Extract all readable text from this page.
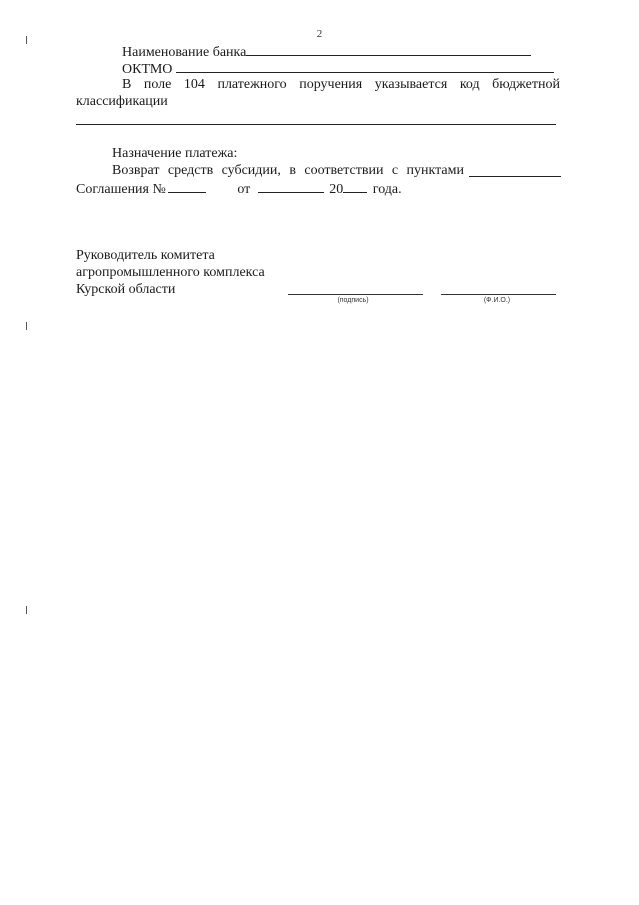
2
Наименование банка
ОКТМО
В поле 104 платежного поручения указывается код бюджетной
классификации
Назначение платежа:
Возврат средств субсидии, в соответствии с пунктами
Соглашения №	от	20 года.
Руководитель комитета
агропромышленного комплекса
Курской области
(подпись)	(Ф.И.О.)
